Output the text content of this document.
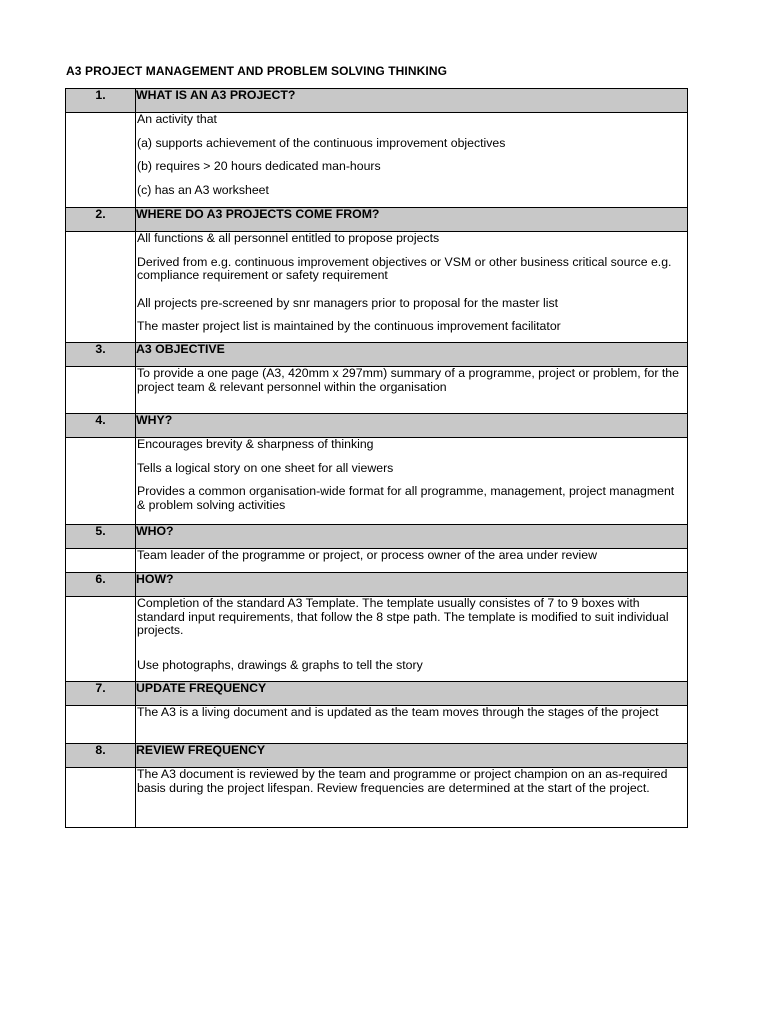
A3 PROJECT MANAGEMENT AND PROBLEM SOLVING THINKING
1.	WHAT IS AN A3 PROJECT?

	An activity that
(a) supports achievement of the continuous improvement objectives
(b) requires > 20 hours dedicated man-hours
(c) has an A3 worksheet

2.	WHERE DO A3 PROJECTS COME FROM?

	All functions & all personnel entitled to propose projects
Derived from e.g. continuous improvement objectives or VSM or other business critical source e.g. compliance requirement or safety requirement
All projects pre-screened by snr managers prior to proposal for the master list
The master project list is maintained by the continuous improvement facilitator

3.	A3 OBJECTIVE

	To provide a one page (A3, 420mm x 297mm) summary of a programme, project or problem, for the project team & relevant personnel within the organisation

4.	WHY?

	Encourages brevity & sharpness of thinking
Tells a logical story on one sheet for all viewers
Provides a common organisation-wide format for all programme, management, project managment & problem solving activities

5.	WHO?

	Team leader of the programme or project, or process owner of the area under review

6.	HOW?

	Completion of the standard A3 Template. The template usually consistes of 7 to 9 boxes with standard input requirements, that follow the 8 stpe path. The template is modified to suit individual projects.
Use photographs, drawings & graphs to tell the story

7.	UPDATE FREQUENCY

	The A3 is a living document and is updated as the team moves through the stages of the project

8.	REVIEW FREQUENCY

	The A3 document is reviewed by the team and programme or project champion on an as-required basis during the project lifespan. Review frequencies are determined at the start of the project.
